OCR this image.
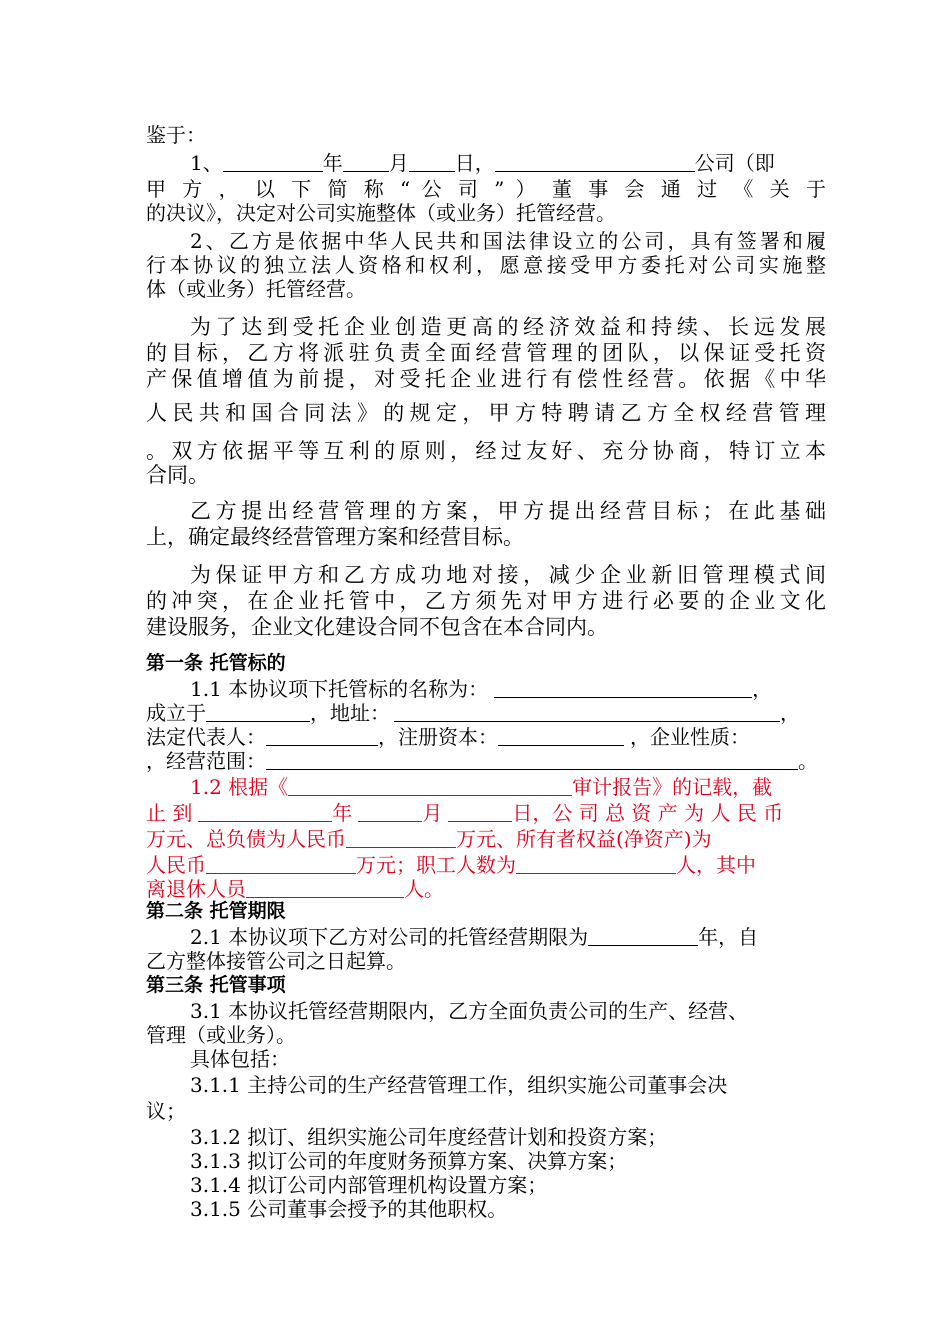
鉴于：
1、	年 月 日，	公司（即
甲 方 ， 以 下 简 称 “ 公 司 ” ） 董 事 会 通 过 《 关 于
的决议》，决定对公司实施整体（或业务）托管经营。
2、乙方是依据中华人民共和国法律设立的公司，具有签署和履
行本协议的独立法人资格和权利，愿意接受甲方委托对公司实施整
体（或业务）托管经营。
为了达到受托企业创造更高的经济效益和持续、长远发展
的目标，乙方将派驻负责全面经营管理的团队，以保证受托资
产保值增值为前提，对受托企业进行有偿性经营。依据《中华
人民共和国合同法》的规定，甲方特聘请乙方全权经营管理
。双方依据平等互利的原则，经过友好、充分协商，特订立本
合同。
乙方提出经营管理的方案，甲方提出经营目标；在此基础
上，确定最终经营管理方案和经营目标。
为保证甲方和乙方成功地对接，减少企业新旧管理模式间
的冲突，在企业托管中，乙方须先对甲方进行必要的企业文化
建设服务，企业文化建设合同不包含在本合同内。
第一条 托管标的
1.1 本协议项下托管标的名称为：	，
成立于	，地址：	，
法定代表人：	，注册资本：	，企业性质：
，经营范围：	。
1.2 根据《	审计报告》的记载，截
止 到	年	月	日，公 司 总 资 产 为 人 民 币
万元、总负债为人民币	万元、所有者权益(净资产)为
人民币	万元；职工人数为	人，其中
离退休人员	人。
第二条 托管期限
2.1 本协议项下乙方对公司的托管经营期限为	年，自
乙方整体接管公司之日起算。
第三条 托管事项
3.1 本协议托管经营期限内，乙方全面负责公司的生产、经营、
管理（或业务）。
具体包括：
3.1.1 主持公司的生产经营管理工作，组织实施公司董事会决
议；
3.1.2 拟订、组织实施公司年度经营计划和投资方案；
3.1.3 拟订公司的年度财务预算方案、决算方案；
3.1.4 拟订公司内部管理机构设置方案；
3.1.5 公司董事会授予的其他职权。
